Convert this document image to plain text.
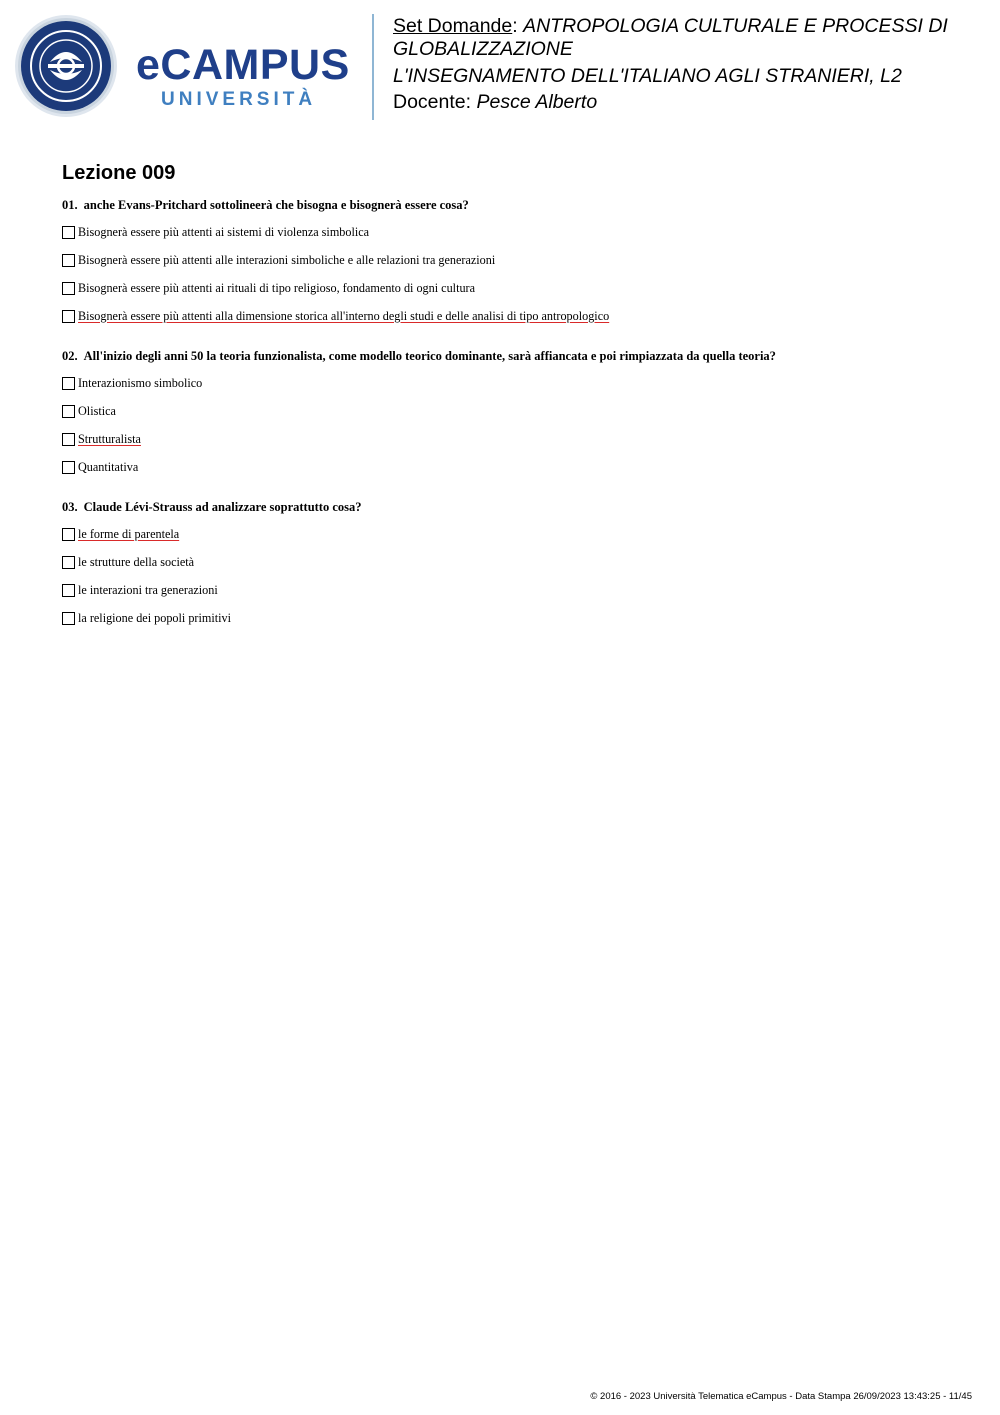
eCAMPUS
UNIVERSITÀ
Set Domande: ANTROPOLOGIA CULTURALE E PROCESSI DI GLOBALIZZAZIONE
L'INSEGNAMENTO DELL'ITALIANO AGLI STRANIERI, L2
Docente: Pesce Alberto
Lezione 009
01. anche Evans-Pritchard sottolineerà che bisogna e bisognerà essere cosa?
Bisognerà essere più attenti ai sistemi di violenza simbolica
Bisognerà essere più attenti alle interazioni simboliche e alle relazioni tra generazioni
Bisognerà essere più attenti ai rituali di tipo religioso, fondamento di ogni cultura
Bisognerà essere più attenti alla dimensione storica all'interno degli studi e delle analisi di tipo antropologico
02. All'inizio degli anni 50 la teoria funzionalista, come modello teorico dominante, sarà affiancata e poi rimpiazzata da quella teoria?
Interazionismo simbolico
Olistica
Strutturalista
Quantitativa
03. Claude Lévi-Strauss ad analizzare soprattutto cosa?
le forme di parentela
le strutture della società
le interazioni tra generazioni
la religione dei popoli primitivi
© 2016 - 2023 Università Telematica eCampus - Data Stampa 26/09/2023 13:43:25 - 11/45
